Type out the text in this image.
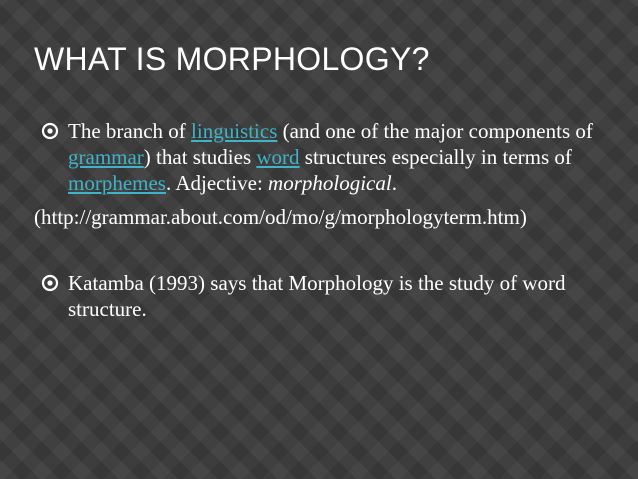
WHAT IS MORPHOLOGY?
The branch of linguistics (and one of the major components of grammar) that studies word structures especially in terms of morphemes. Adjective: morphological.
(http://grammar.about.com/od/mo/g/morphologyterm.htm)
Katamba (1993) says that Morphology is the study of word structure.
